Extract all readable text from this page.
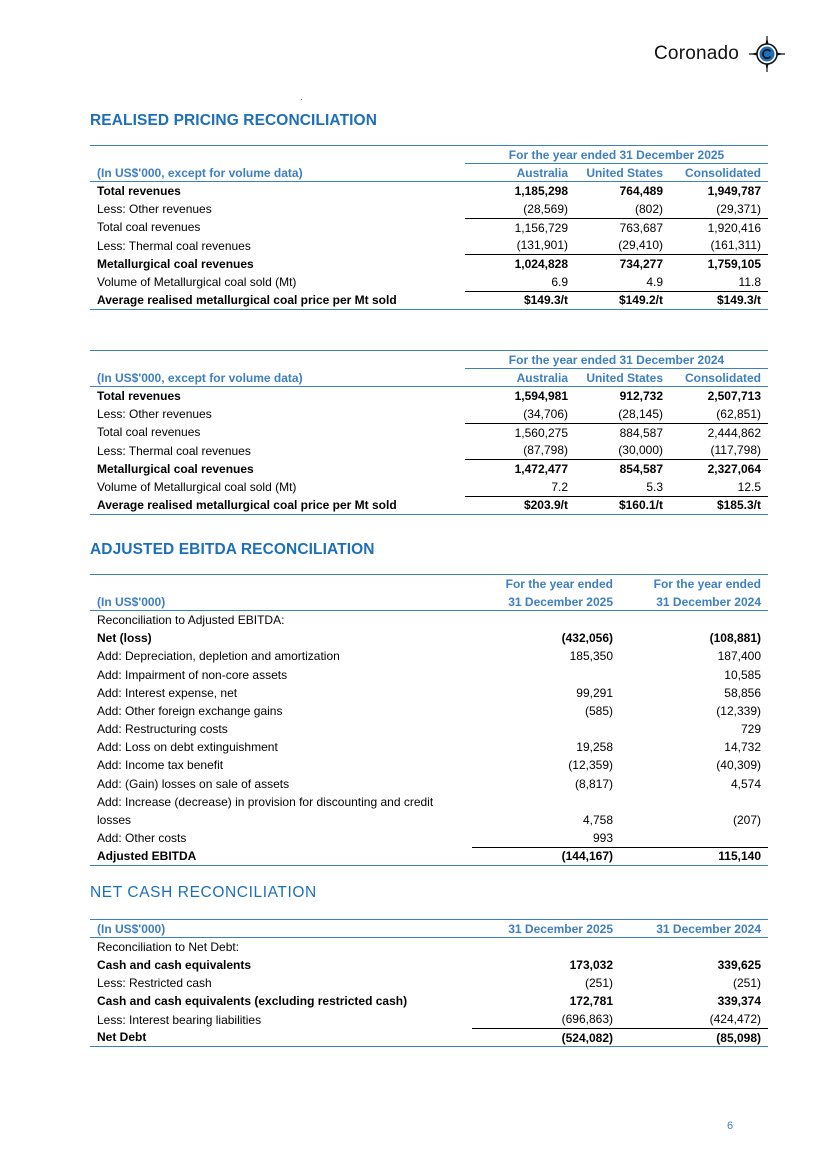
Coronado
REALISED PRICING RECONCILIATION
	For the year ended 31 December 2025		
(In US$'000, except for volume data)	Australia	United States	Consolidated
Total revenues	1,185,298	764,489	1,949,787
Less: Other revenues	(28,569)	(802)	(29,371)
Total coal revenues	1,156,729	763,687	1,920,416
Less: Thermal coal revenues	(131,901)	(29,410)	(161,311)
Metallurgical coal revenues	1,024,828	734,277	1,759,105
Volume of Metallurgical coal sold (Mt)	6.9	4.9	11.8
Average realised metallurgical coal price per Mt sold	$149.3/t	$149.2/t	$149.3/t
	For the year ended 31 December 2024		
(In US$'000, except for volume data)	Australia	United States	Consolidated
Total revenues	1,594,981	912,732	2,507,713
Less: Other revenues	(34,706)	(28,145)	(62,851)
Total coal revenues	1,560,275	884,587	2,444,862
Less: Thermal coal revenues	(87,798)	(30,000)	(117,798)
Metallurgical coal revenues	1,472,477	854,587	2,327,064
Volume of Metallurgical coal sold (Mt)	7.2	5.3	12.5
Average realised metallurgical coal price per Mt sold	$203.9/t	$160.1/t	$185.3/t
ADJUSTED EBITDA RECONCILIATION
	For the year ended	For the year ended
(In US$'000)	31 December 2025	31 December 2024
Reconciliation to Adjusted EBITDA:		
Net (loss)	(432,056)	(108,881)
Add: Depreciation, depletion and amortization	185,350	187,400
Add: Impairment of non-core assets		10,585
Add: Interest expense, net	99,291	58,856
Add: Other foreign exchange gains	(585)	(12,339)
Add: Restructuring costs		729
Add: Loss on debt extinguishment	19,258	14,732
Add: Income tax benefit	(12,359)	(40,309)
Add: (Gain) losses on sale of assets	(8,817)	4,574
Add: Increase (decrease) in provision for discounting and credit		
losses	4,758	(207)
Add: Other costs	993	
Adjusted EBITDA	(144,167)	115,140
NET CASH RECONCILIATION
(In US$'000)	31 December 2025	31 December 2024
Reconciliation to Net Debt:		
Cash and cash equivalents	173,032	339,625
Less: Restricted cash	(251)	(251)
Cash and cash equivalents (excluding restricted cash)	172,781	339,374
Less: Interest bearing liabilities	(696,863)	(424,472)
Net Debt	(524,082)	(85,098)
6
